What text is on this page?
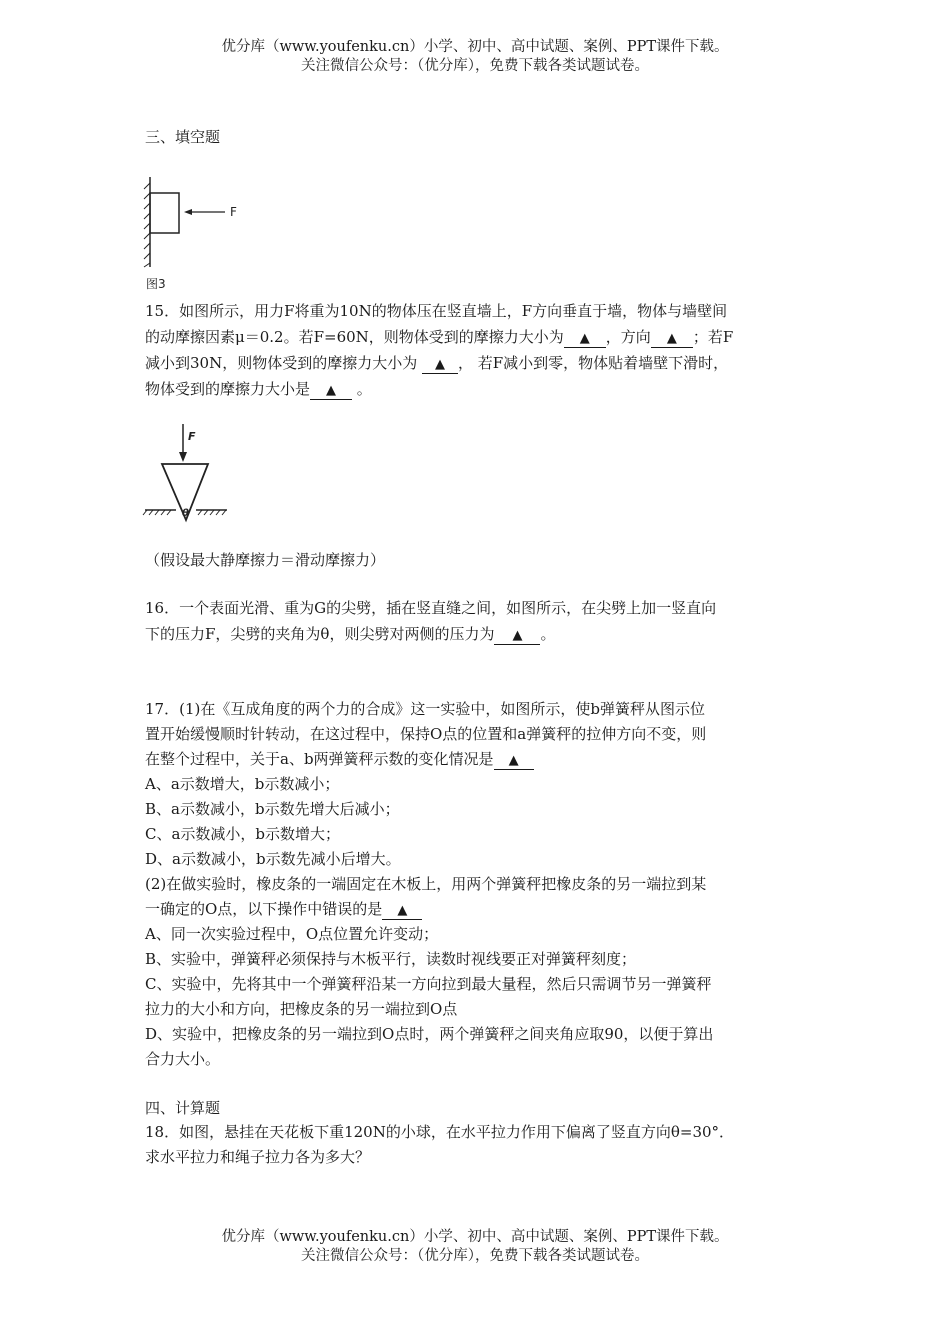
优分库（www.youfenku.cn）小学、初中、高中试题、案例、PPT课件下载。
关注微信公众号：（优分库），免费下载各类试题试卷。
三、填空题
F
图3
15．如图所示，用力F将重为10N的物体压在竖直墙上，F方向垂直于墙，物体与墙壁间
的动摩擦因素μ＝0.2。若F=60N，则物体受到的摩擦力大小为 ▲ ，方向 ▲ ；若F
减小到30N，则物体受到的摩擦力大小为 ▲ ， 若F减小到零，物体贴着墙壁下滑时，
物体受到的摩擦力大小是 ▲ 。
F
θ
（假设最大静摩擦力＝滑动摩擦力）
16．一个表面光滑、重为G的尖劈，插在竖直缝之间，如图所示，在尖劈上加一竖直向
下的压力F，尖劈的夹角为θ，则尖劈对两侧的压力为 ▲ 。
17．(1)在《互成角度的两个力的合成》这一实验中，如图所示，使b弹簧秤从图示位
置开始缓慢顺时针转动，在这过程中，保持O点的位置和a弹簧秤的拉伸方向不变，则
在整个过程中，关于a、b两弹簧秤示数的变化情况是 ▲
A、a示数增大，b示数减小；
B、a示数减小，b示数先增大后减小；
C、a示数减小，b示数增大；
D、a示数减小，b示数先减小后增大。
(2)在做实验时，橡皮条的一端固定在木板上，用两个弹簧秤把橡皮条的另一端拉到某
一确定的O点，以下操作中错误的是 ▲
A、同一次实验过程中，O点位置允许变动；
B、实验中，弹簧秤必须保持与木板平行，读数时视线要正对弹簧秤刻度；
C、实验中，先将其中一个弹簧秤沿某一方向拉到最大量程，然后只需调节另一弹簧秤
拉力的大小和方向，把橡皮条的另一端拉到O点
D、实验中，把橡皮条的另一端拉到O点时，两个弹簧秤之间夹角应取90，以便于算出
合力大小。
四、计算题
18．如图，悬挂在天花板下重120N的小球，在水平拉力作用下偏离了竖直方向θ=30°．
求水平拉力和绳子拉力各为多大？
优分库（www.youfenku.cn）小学、初中、高中试题、案例、PPT课件下载。
关注微信公众号：（优分库），免费下载各类试题试卷。
